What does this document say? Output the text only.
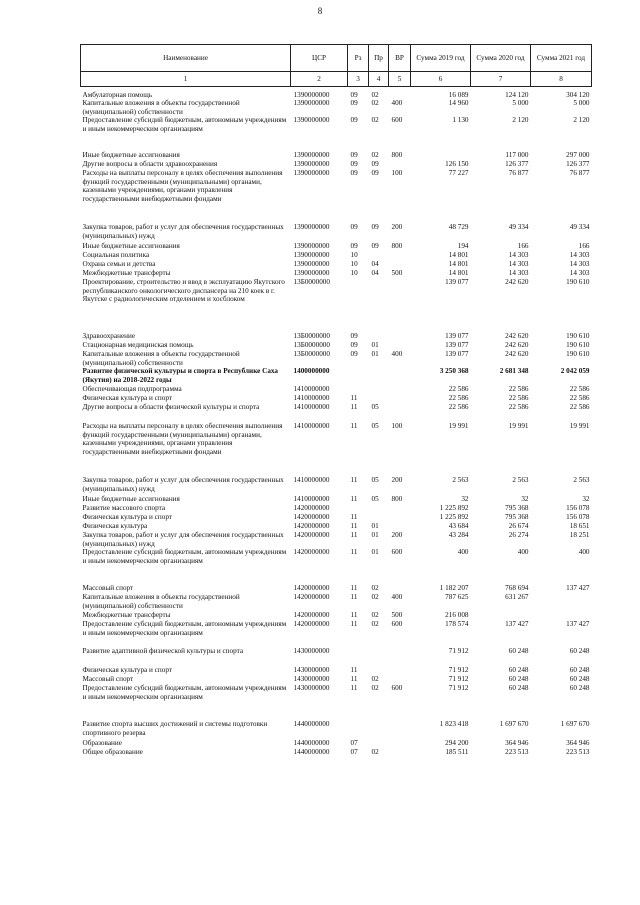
8
Наименование	ЦСР	Рз	Пр	ВР	Сумма 2019 год	Сумма 2020 год	Сумма 2021 год
1	2	3	4	5	6	7	8
Амбулаторная помощь	1390000000	09	02		16 089	124 120	304 120
Капитальные вложения в объекты государственной (муниципальной) собственности	1390000000	09	02	400	14 960	5 000	5 000
Предоставление субсидий бюджетным, автономным учреждениям и иным некоммерческим организациям	1390000000	09	02	600	1 130	2 120	2 120
Иные бюджетные ассигнования	1390000000	09	02	800		117 000	297 000
Другие вопросы в области здравоохранения	1390000000	09	09		126 150	126 377	126 377
Расходы на выплаты персоналу в целях обеспечения выполнения функций государственными (муниципальными) органами, казенными учреждениями, органами управления государственными внебюджетными фондами	1390000000	09	09	100	77 227	76 877	76 877
Закупка товаров, работ и услуг для обеспечения государственных (муниципальных) нужд	1390000000	09	09	200	48 729	49 334	49 334
Иные бюджетные ассигнования	1390000000	09	09	800	194	166	166
Социальная политика	1390000000	10			14 801	14 303	14 303
Охрана семьи и детства	1390000000	10	04		14 801	14 303	14 303
Межбюджетные трансферты	1390000000	10	04	500	14 801	14 303	14 303
Проектирование, строительство и ввод в эксплуатацию Якутского республиканского онкологического диспансера на 210 коек в г. Якутске с радиологическим отделением и хосблоком	13Б0000000				139 077	242 620	190 610
Здравоохранение	13Б0000000	09			139 077	242 620	190 610
Стационарная медицинская помощь	13Б0000000	09	01		139 077	242 620	190 610
Капитальные вложения в объекты государственной (муниципальной) собственности	13Б0000000	09	01	400	139 077	242 620	190 610
Развитие физической культуры и спорта в Республике Саха (Якутия) на 2018-2022 годы	1400000000				3 250 368	2 681 348	2 042 059
Обеспечивающая подпрограмма	1410000000				22 586	22 586	22 586
Физическая культура и спорт	1410000000	11			22 586	22 586	22 586
Другие вопросы в области физической культуры и спорта	1410000000	11	05		22 586	22 586	22 586
Расходы на выплаты персоналу в целях обеспечения выполнения функций государственными (муниципальными) органами, казенными учреждениями, органами управления государственными внебюджетными фондами	1410000000	11	05	100	19 991	19 991	19 991
Закупка товаров, работ и услуг для обеспечения государственных (муниципальных) нужд	1410000000	11	05	200	2 563	2 563	2 563
Иные бюджетные ассигнования	1410000000	11	05	800	32	32	32
Развитие массового спорта	1420000000				1 225 892	795 368	156 078
Физическая культура и спорт	1420000000	11			1 225 892	795 368	156 078
Физическая культура	1420000000	11	01		43 684	26 674	18 651
Закупка товаров, работ и услуг для обеспечения государственных (муниципальных) нужд	1420000000	11	01	200	43 284	26 274	18 251
Предоставление субсидий бюджетным, автономным учреждениям и иным некоммерческим организациям	1420000000	11	01	600	400	400	400
Массовый спорт	1420000000	11	02		1 182 207	768 694	137 427
Капитальные вложения в объекты государственной (муниципальной) собственности	1420000000	11	02	400	787 625	631 267	
Межбюджетные трансферты	1420000000	11	02	500	216 008		
Предоставление субсидий бюджетным, автономным учреждениям и иным некоммерческим организациям	1420000000	11	02	600	178 574	137 427	137 427
Развитие адаптивной физической культуры и спорта	1430000000				71 912	60 248	60 248
Физическая культура и спорт	1430000000	11			71 912	60 248	60 248
Массовый спорт	1430000000	11	02		71 912	60 248	60 248
Предоставление субсидий бюджетным, автономным учреждениям и иным некоммерческим организациям	1430000000	11	02	600	71 912	60 248	60 248
Развитие спорта высших достижений и системы подготовки спортивного резерва	1440000000				1 823 418	1 697 670	1 697 670
Образование	1440000000	07			294 200	364 946	364 946
Общее образование	1440000000	07	02		185 511	223 513	223 513
